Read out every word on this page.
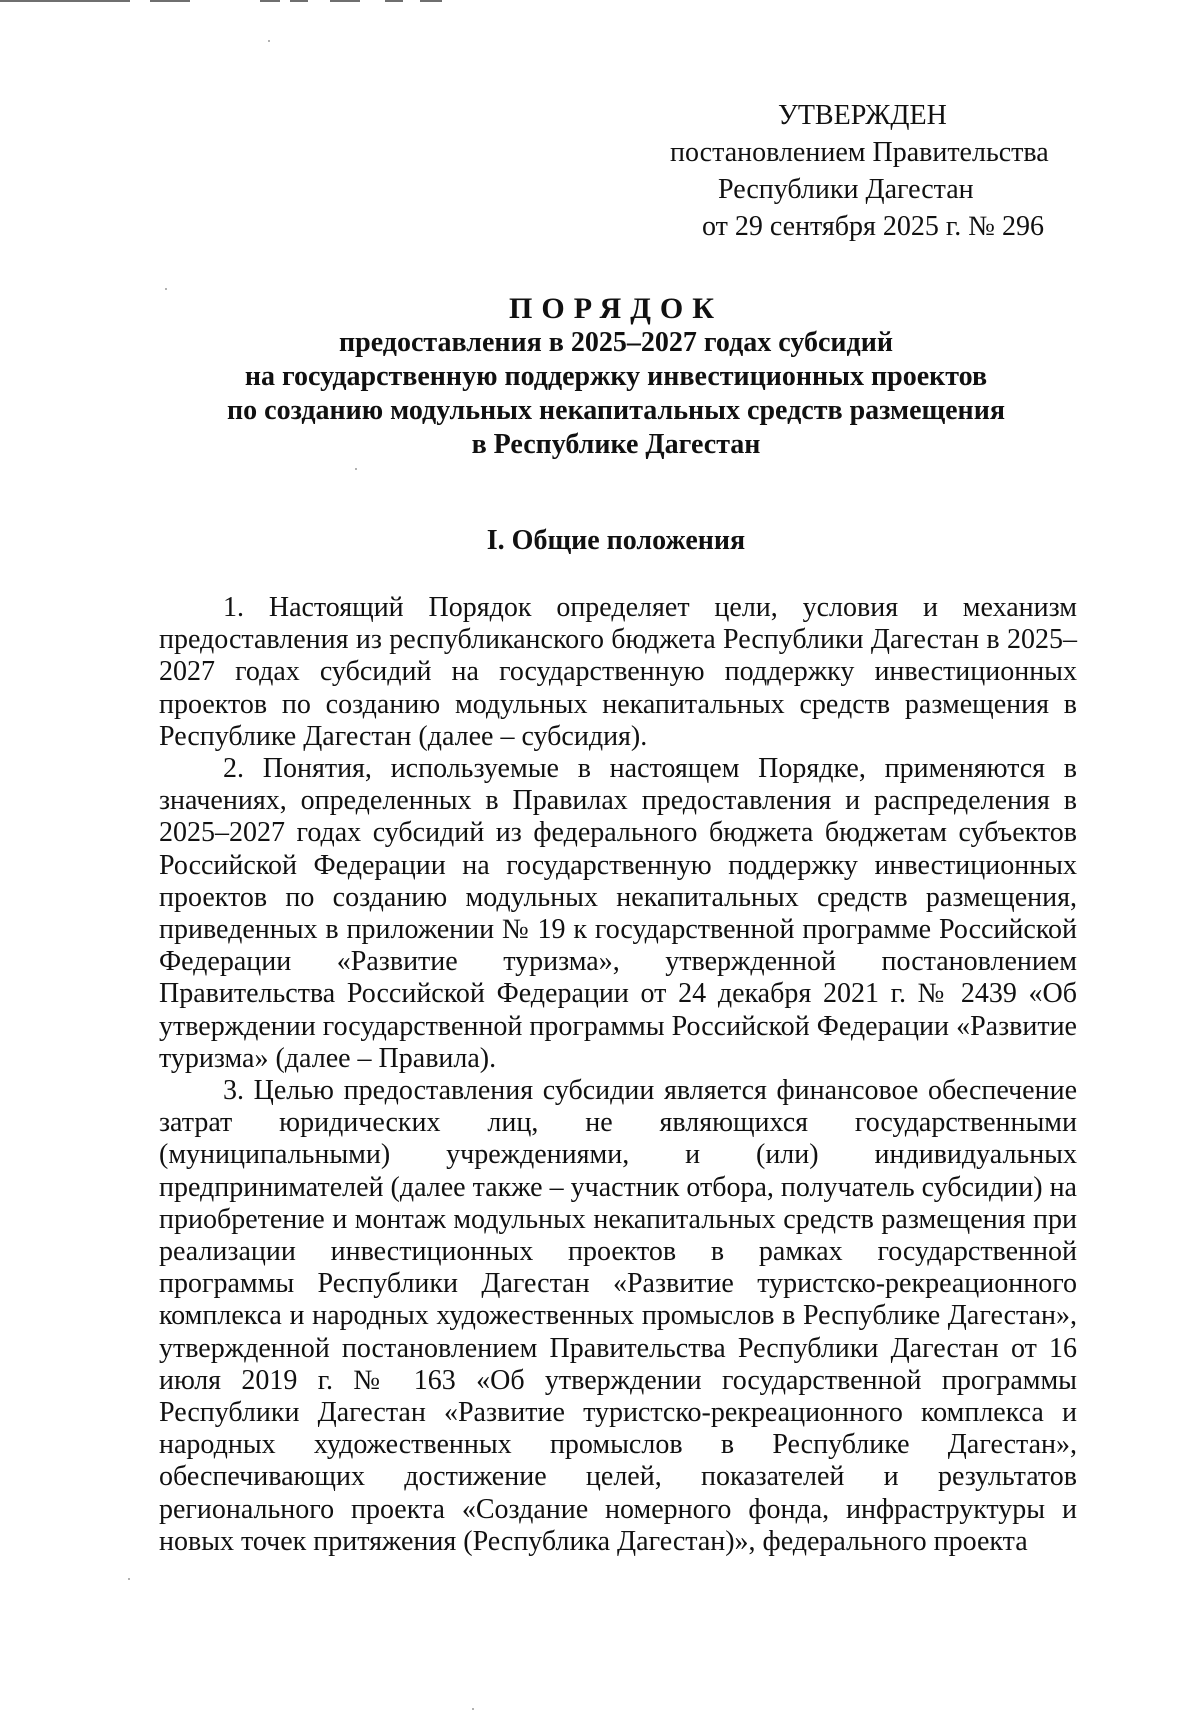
УТВЕРЖДЕН
постановлением Правительства
Республики Дагестан
от 29 сентября 2025 г. № 296
ПОРЯДОК
предоставления в 2025–2027 годах субсидий
на государственную поддержку инвестиционных проектов
по созданию модульных некапитальных средств размещения
в Республике Дагестан
I. Общие положения

1. Настоящий Порядок определяет цели, условия и механизм предоставления из республиканского бюджета Республики Дагестан в 2025–2027 годах субсидий на государственную поддержку инвестиционных проектов по созданию модульных некапитальных средств размещения в Республике Дагестан (далее – субсидия).

2. Понятия, используемые в настоящем Порядке, применяются в значениях, определенных в Правилах предоставления и распределения в 2025–2027 годах субсидий из федерального бюджета бюджетам субъектов Российской Федерации на государственную поддержку инвестиционных проектов по созданию модульных некапитальных средств размещения, приведенных в приложении № 19 к государственной программе Российской Федерации «Развитие туризма», утвержденной постановлением Правительства Российской Федерации от 24 декабря 2021 г. № 2439 «Об утверждении государственной программы Российской Федерации «Развитие туризма» (далее – Правила).

3. Целью предоставления субсидии является финансовое обеспечение затрат юридических лиц, не являющихся государственными (муниципальными) учреждениями, и (или) индивидуальных предпринимателей (далее также – участник отбора, получатель субсидии) на приобретение и монтаж модульных некапитальных средств размещения при реализации инвестиционных проектов в рамках государственной программы Республики Дагестан «Развитие туристско-рекреационного комплекса и народных художественных промыслов в Республике Дагестан», утвержденной постановлением Правительства Республики Дагестан от 16 июля 2019 г. № 163 «Об утверждении государственной программы Республики Дагестан «Развитие туристско-рекреационного комплекса и народных художественных промыслов в Республике Дагестан», обеспечивающих достижение целей, показателей и результатов регионального проекта «Создание номерного фонда, инфраструктуры и новых точек притяжения (Республика Дагестан)», федерального проекта
